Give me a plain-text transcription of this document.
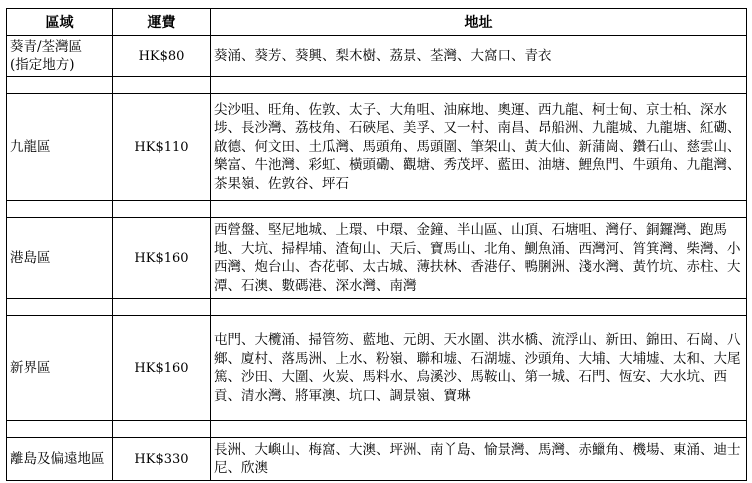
區域	運費	地址
葵青/荃灣區
(指定地方)	HK$80	葵涌、葵芳、葵興、梨木樹、荔景、荃灣、大窩口、青衣

九龍區	HK$110	尖沙咀、旺角、佐敦、太子、大角咀、油麻地、奧運、西九龍、柯士甸、京士柏、深水埗、長沙灣、荔枝角、石硤尾、美孚、又一村、南昌、昂船洲、九龍城、九龍塘、紅磡、啟德、何文田、土瓜灣、馬頭角、馬頭圍、筆架山、黃大仙、新蒲崗、鑽石山、慈雲山、樂富、牛池灣、彩虹、橫頭磡、觀塘、秀茂坪、藍田、油塘、鯉魚門、牛頭角、九龍灣、茶果嶺、佐敦谷、坪石

港島區	HK$160	西營盤、堅尼地城、上環、中環、金鐘、半山區、山頂、石塘咀、灣仔、銅鑼灣、跑馬地、大坑、掃桿埔、渣甸山、天后、寶馬山、北角、鰂魚涌、西灣河、筲箕灣、柴灣、小西灣、炮台山、杏花邨、太古城、薄扶林、香港仔、鴨脷洲、淺水灣、黃竹坑、赤柱、大潭、石澳、數碼港、深水灣、南灣

新界區	HK$160	屯門、大欖涌、掃管笏、藍地、元朗、天水圍、洪水橋、流浮山、新田、錦田、石崗、八鄉、廈村、落馬洲、上水、粉嶺、聯和墟、石湖墟、沙頭角、大埔、大埔墟、太和、大尾篤、沙田、大圍、火炭、馬料水、烏溪沙、馬鞍山、第一城、石門、恆安、大水坑、西貢、清水灣、將軍澳、坑口、調景嶺、寶琳

離島及偏遠地區	HK$330	長洲、大嶼山、梅窩、大澳、坪洲、南丫島、愉景灣、馬灣、赤鱲角、機場、東涌、迪士尼、欣澳
